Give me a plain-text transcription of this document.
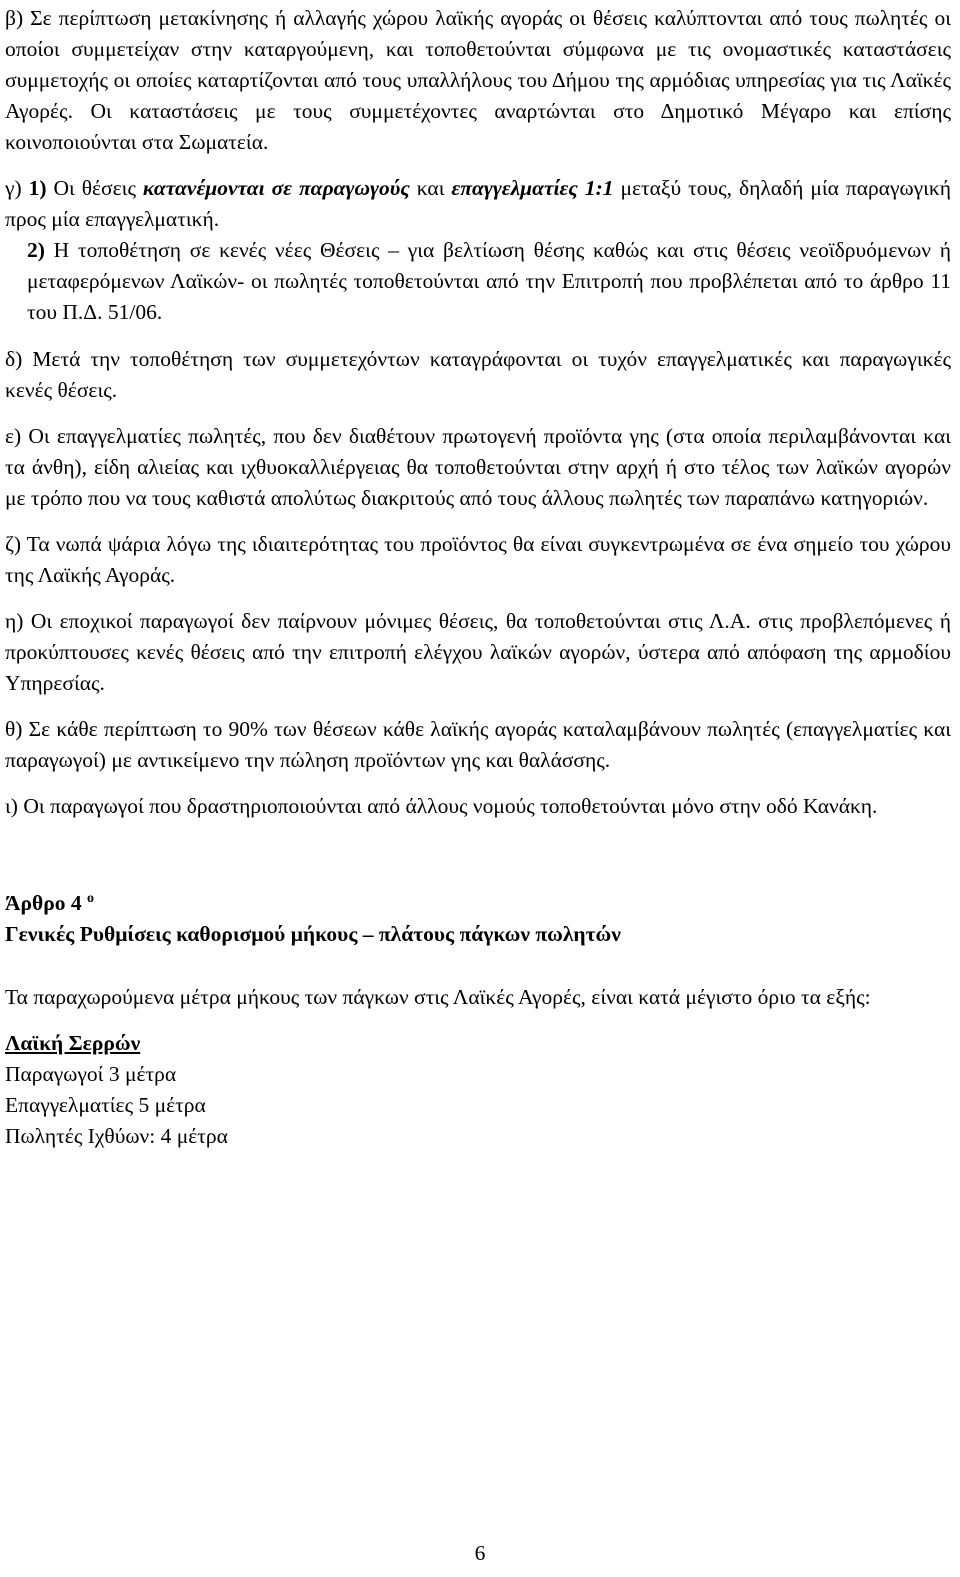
β) Σε περίπτωση μετακίνησης ή αλλαγής χώρου λαϊκής αγοράς οι θέσεις καλύπτονται από τους πωλητές οι οποίοι συμμετείχαν στην καταργούμενη, και τοποθετούνται σύμφωνα με τις ονομαστικές καταστάσεις συμμετοχής οι οποίες καταρτίζονται από τους υπαλλήλους του Δήμου της αρμόδιας υπηρεσίας για τις Λαϊκές Αγορές. Οι καταστάσεις με τους συμμετέχοντες αναρτώνται στο Δημοτικό Μέγαρο και επίσης κοινοποιούνται στα Σωματεία.

γ) 1) Οι θέσεις κατανέμονται σε παραγωγούς και επαγγελματίες 1:1 μεταξύ τους, δηλαδή μία παραγωγική προς μία επαγγελματική.

2) Η τοποθέτηση σε κενές νέες Θέσεις – για βελτίωση θέσης καθώς και στις θέσεις νεοϊδρυόμενων ή μεταφερόμενων Λαϊκών- οι πωλητές τοποθετούνται από την Επιτροπή που προβλέπεται από το άρθρο 11 του Π.Δ. 51/06.

δ) Μετά την τοποθέτηση των συμμετεχόντων καταγράφονται οι τυχόν επαγγελματικές και παραγωγικές κενές θέσεις.

ε) Οι επαγγελματίες πωλητές, που δεν διαθέτουν πρωτογενή προϊόντα γης (στα οποία περιλαμβάνονται και τα άνθη), είδη αλιείας και ιχθυοκαλλιέργειας θα τοποθετούνται στην αρχή ή στο τέλος των λαϊκών αγορών με τρόπο που να τους καθιστά απολύτως διακριτούς από τους άλλους πωλητές των παραπάνω κατηγοριών.

ζ) Τα νωπά ψάρια λόγω της ιδιαιτερότητας του προϊόντος θα είναι συγκεντρωμένα σε ένα σημείο του χώρου της Λαϊκής Αγοράς.

η) Οι εποχικοί παραγωγοί δεν παίρνουν μόνιμες θέσεις, θα τοποθετούνται στις Λ.Α. στις προβλεπόμενες ή προκύπτουσες κενές θέσεις από την επιτροπή ελέγχου λαϊκών αγορών, ύστερα από απόφαση της αρμοδίου Υπηρεσίας.

θ) Σε κάθε περίπτωση το 90% των θέσεων κάθε λαϊκής αγοράς καταλαμβάνουν πωλητές (επαγγελματίες και παραγωγοί) με αντικείμενο την πώληση προϊόντων γης και θαλάσσης.

ι) Οι παραγωγοί που δραστηριοποιούνται από άλλους νομούς τοποθετούνται μόνο στην οδό Κανάκη.

Άρθρο 4 $^o$

Γενικές Ρυθμίσεις καθορισμού μήκους – πλάτους πάγκων πωλητών

Τα παραχωρούμενα μέτρα μήκους των πάγκων στις Λαϊκές Αγορές, είναι κατά μέγιστο όριο τα εξής:

Λαϊκή Σερρών

Παραγωγοί 3 μέτρα

Επαγγελματίες 5 μέτρα

Πωλητές Ιχθύων: 4 μέτρα

6
